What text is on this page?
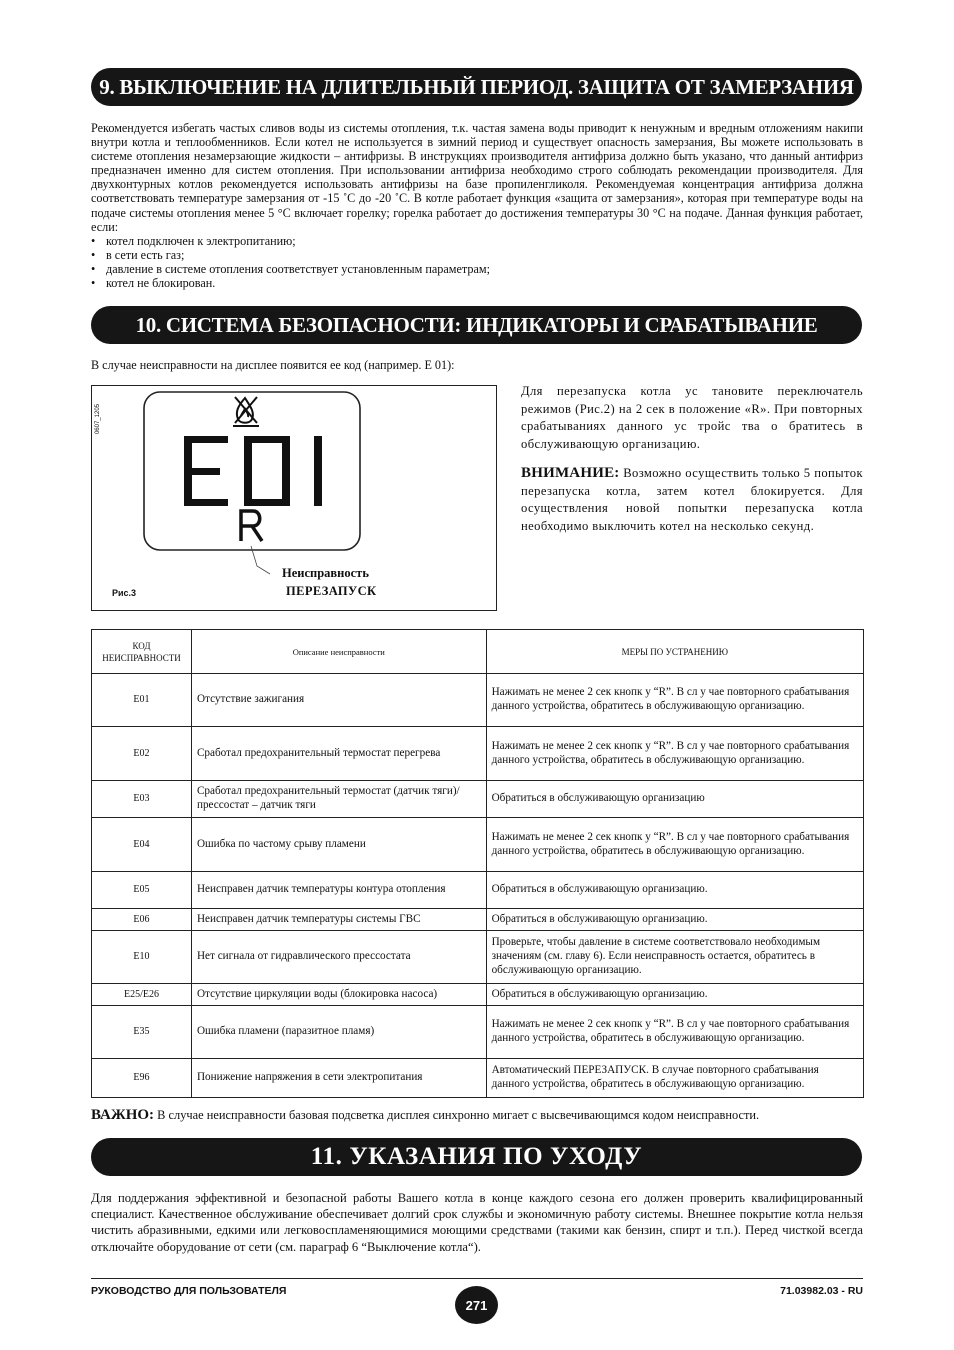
9. ВЫКЛЮЧЕНИЕ НА ДЛИТЕЛЬНЫЙ ПЕРИОД. ЗАЩИТА ОТ ЗАМЕРЗАНИЯ
Рекомендуется избегать частых сливов воды из системы отопления, т.к. частая замена воды приводит к ненужным и вредным отложениям накипи внутри котла и теплообменников. Если котел не используется в зимний период и существует опасность замерзания, Вы можете использовать в системе отопления незамерзающие жидкости – антифризы. В инструкциях производителя антифриза должно быть указано, что данный антифриз предназначен именно для систем отопления. При использовании антифриза необходимо строго соблюдать рекомендации производителя. Для двухконтурных котлов рекомендуется использовать антифризы на базе пропиленгликоля. Рекомендуемая концентрация антифриза должна соответствовать температуре замерзания от -15 ˚С до -20 ˚С. В котле работает функция «защита от замерзания», которая при температуре воды на подаче системы отопления менее 5 °С включает горелку; горелка работает до достижения температуры 30 °С на подаче. Данная функция работает, если:
• котел подключен к электропитанию;
• в сети есть газ;
• давление в системе отопления соответствует установленным параметрам;
• котел не блокирован.
10. СИСТЕМА БЕЗОПАСНОСТИ: ИНДИКАТОРЫ И СРАБАТЫВАНИЕ
В случае неисправности на дисплее появится ее код (например. E 01):
0607_1205
Неисправность
ПЕРЕЗАПУСК
Рис.3
Для перезапуска котла ус тановите переключатель режимов (Рис.2) на 2 сек в положение «R». При повторных срабатываниях данного ус тройс тва о братитесь в обслуживающую организацию.
ВНИМАНИЕ: Возможно осуществить только 5 попыток перезапуска котла, затем котел блокируется. Для осуществления новой попытки перезапуска котла необходимо выключить котел на несколько секунд.
КОД НЕИСПРАВНОСТИ	Описание неисправности	МЕРЫ ПО УСТРАНЕНИЮ
E01	Отсутствие зажигания	Нажимать не менее 2 сек кнопк у “R”. В сл у чае повторного срабатывания данного устройства, обратитесь в обслуживающую организацию.
E02	Сработал предохранительный термостат перегрева	Нажимать не менее 2 сек кнопк у “R”. В сл у чае повторного срабатывания данного устройства, обратитесь в обслуживающую организацию.
E03	Сработал предохранительный термостат (датчик тяги)/ прессостат – датчик тяги	Обратиться в обслуживающую организацию
E04	Ошибка по частому срыву пламени	Нажимать не менее 2 сек кнопк у “R”. В сл у чае повторного срабатывания данного устройства, обратитесь в обслуживающую организацию.
E05	Неисправен датчик температуры контура отопления	Обратиться в обслуживающую организацию.
E06	Неисправен датчик температуры системы ГВС	Обратиться в обслуживающую организацию.
E10	Нет сигнала от гидравлического прессостата	Проверьте, чтобы давление в системе соответствовало необходимым значениям (см. главу 6). Если неисправность остается, обратитесь в обслуживающую организацию.
E25/E26	Отсутствие циркуляции воды (блокировка насоса)	Обратиться в обслуживающую организацию.
E35	Ошибка пламени (паразитное пламя)	Нажимать не менее 2 сек кнопк у “R”. В сл у чае повторного срабатывания данного устройства, обратитесь в обслуживающую организацию.
E96	Понижение напряжения в сети электропитания	Автоматический ПЕРЕЗАПУСК. В случае повторного срабатывания данного устройства, обратитесь в обслуживающую организацию.
ВАЖНО: В случае неисправности базовая подсветка дисплея синхронно мигает с высвечивающимся кодом неисправности.
11. УКАЗАНИЯ ПО УХОДУ
Для поддержания эффективной и безопасной работы Вашего котла в конце каждого сезона его должен проверить квалифицированный специалист. Качественное обслуживание обеспечивает долгий срок службы и экономичную работу системы. Внешнее покрытие котла нельзя чистить абразивными, едкими или легковоспламеняющимися моющими средствами (такими как бензин, спирт и т.п.). Перед чисткой всегда отключайте оборудование от сети (см. параграф 6 “Выключение котла“).
РУКОВОДСТВО ДЛЯ ПОЛЬЗОВАТЕЛЯ
271
71.03982.03 - RU
